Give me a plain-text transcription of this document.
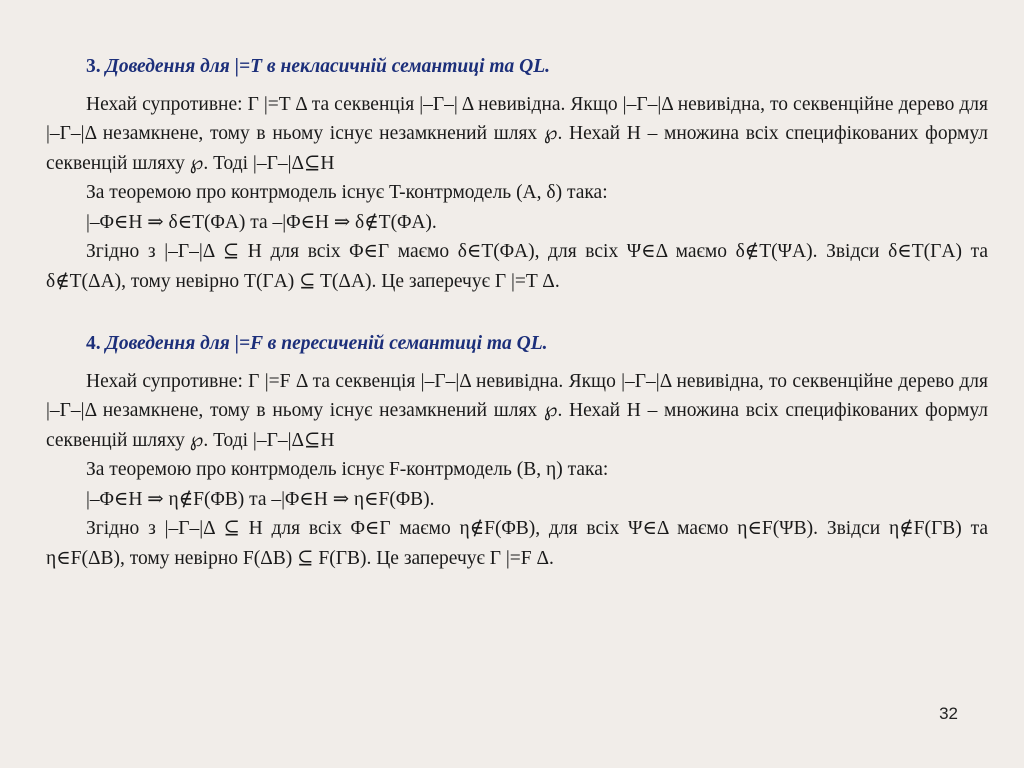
3. Доведення для |=T в некласичній семантиці та QL.

Нехай супротивне: Γ |=T Δ та секвенція |–Γ–| Δ невивідна. Якщо |–Γ–|Δ невивідна, то секвенційне дерево для |–Γ–|Δ незамкнене, тому в ньому існує незамкнений шлях ℘. Нехай H – множина всіх специфікованих формул секвенцій шляху ℘. Тоді |–Γ–|Δ⊆H

За теоремою про контрмодель існує T-контрмодель (A, δ) така:

|–Φ∈H ⇒ δ∈T(ΦA) та –|Φ∈H ⇒ δ∉T(ΦA).

Згідно з |–Γ–|Δ ⊆ H для всіх Φ∈Γ маємо δ∈T(ΦA), для всіх Ψ∈Δ маємо δ∉T(ΨA). Звідси δ∈T(ΓA) та δ∉T(ΔA), тому невірно T(ΓA) ⊆ T(ΔA). Це заперечує Γ |=T Δ.

4. Доведення для |=F в пересиченій семантиці та QL.

Нехай супротивне: Γ |=F Δ та секвенція |–Γ–|Δ невивідна. Якщо |–Γ–|Δ невивідна, то секвенційне дерево для |–Γ–|Δ незамкнене, тому в ньому існує незамкнений шлях ℘. Нехай H – множина всіх специфікованих формул секвенцій шляху ℘. Тоді |–Γ–|Δ⊆H

За теоремою про контрмодель існує F-контрмодель (B, η) така:

|–Φ∈H ⇒ η∉F(ΦB) та –|Φ∈H ⇒ η∈F(ΦB).

Згідно з |–Γ–|Δ ⊆ H для всіх Φ∈Γ маємо η∉F(ΦB), для всіх Ψ∈Δ маємо η∈F(ΨB). Звідси η∉F(ΓB) та η∈F(ΔB), тому невірно F(ΔB) ⊆ F(ΓB). Це заперечує Γ |=F Δ.

32
